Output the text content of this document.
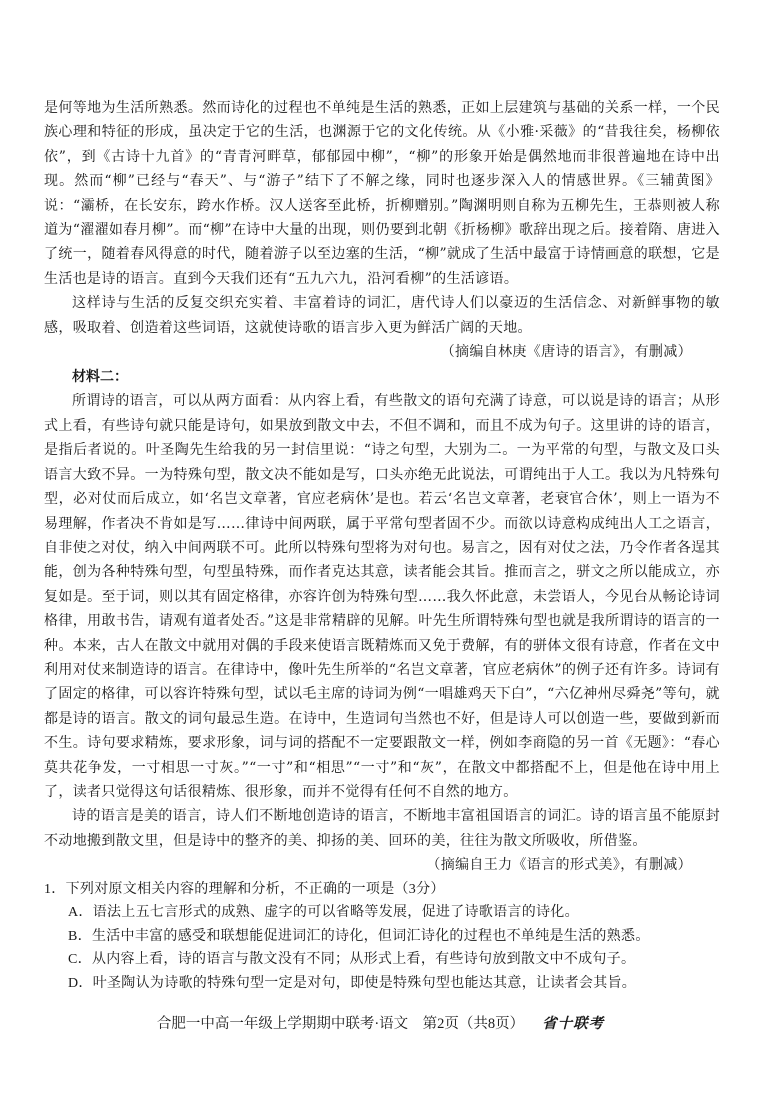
是何等地为生活所熟悉。然而诗化的过程也不单纯是生活的熟悉，正如上层建筑与基础的关系一样，一个民族心理和特征的形成，虽决定于它的生活，也渊源于它的文化传统。从《小雅·采薇》的“昔我往矣，杨柳依依”，到《古诗十九首》的“青青河畔草，郁郁园中柳”，“柳”的形象开始是偶然地而非很普遍地在诗中出现。然而“柳”已经与“春天”、与“游子”结下了不解之缘，同时也逐步深入人的情感世界。《三辅黄图》说：“灞桥，在长安东，跨水作桥。汉人送客至此桥，折柳赠别。”陶渊明则自称为五柳先生，王恭则被人称道为“濯濯如春月柳”。而“柳”在诗中大量的出现，则仍要到北朝《折杨柳》歌辞出现之后。接着隋、唐进入了统一，随着春风得意的时代，随着游子以至边塞的生活，“柳”就成了生活中最富于诗情画意的联想，它是生活也是诗的语言。直到今天我们还有“五九六九，沿河看柳”的生活谚语。

这样诗与生活的反复交织充实着、丰富着诗的词汇，唐代诗人们以豪迈的生活信念、对新鲜事物的敏感，吸取着、创造着这些词语，这就使诗歌的语言步入更为鲜活广阔的天地。

（摘编自林庚《唐诗的语言》，有删减）

材料二：

所谓诗的语言，可以从两方面看：从内容上看，有些散文的语句充满了诗意，可以说是诗的语言；从形式上看，有些诗句就只能是诗句，如果放到散文中去，不但不调和，而且不成为句子。这里讲的诗的语言，是指后者说的。叶圣陶先生给我的另一封信里说：“诗之句型，大别为二。一为平常的句型，与散文及口头语言大致不异。一为特殊句型，散文决不能如是写，口头亦绝无此说法，可谓纯出于人工。我以为凡特殊句型，必对仗而后成立，如‘名岂文章著，官应老病休’是也。若云‘名岂文章著，老衰官合休’，则上一语为不易理解，作者决不肯如是写……律诗中间两联，属于平常句型者固不少。而欲以诗意构成纯出人工之语言，自非使之对仗，纳入中间两联不可。此所以特殊句型将为对句也。易言之，因有对仗之法，乃令作者各逞其能，创为各种特殊句型，句型虽特殊，而作者克达其意，读者能会其旨。推而言之，骈文之所以能成立，亦复如是。至于词，则以其有固定格律，亦容许创为特殊句型……我久怀此意，未尝语人，今见台从畅论诗词格律，用敢书告，请观有道者处否。”这是非常精辟的见解。叶先生所谓特殊句型也就是我所谓诗的语言的一种。本来，古人在散文中就用对偶的手段来使语言既精炼而又免于费解，有的骈体文很有诗意，作者在文中利用对仗来制造诗的语言。在律诗中，像叶先生所举的“名岂文章著，官应老病休”的例子还有许多。诗词有了固定的格律，可以容许特殊句型，试以毛主席的诗词为例“一唱雄鸡天下白”，“六亿神州尽舜尧”等句，就都是诗的语言。散文的词句最忌生造。在诗中，生造词句当然也不好，但是诗人可以创造一些，要做到新而不生。诗句要求精炼，要求形象，词与词的搭配不一定要跟散文一样，例如李商隐的另一首《无题》：“春心莫共花争发，一寸相思一寸灰。”“一寸”和“相思”“一寸”和“灰”，在散文中都搭配不上，但是他在诗中用上了，读者只觉得这句话很精炼、很形象，而并不觉得有任何不自然的地方。

诗的语言是美的语言，诗人们不断地创造诗的语言，不断地丰富祖国语言的词汇。诗的语言虽不能原封不动地搬到散文里，但是诗中的整齐的美、抑扬的美、回环的美，往往为散文所吸收，所借鉴。

（摘编自王力《语言的形式美》，有删减）

1．下列对原文相关内容的理解和分析，不正确的一项是（3分）

A．语法上五七言形式的成熟、虚字的可以省略等发展，促进了诗歌语言的诗化。

B．生活中丰富的感受和联想能促进词汇的诗化，但词汇诗化的过程也不单纯是生活的熟悉。

C．从内容上看，诗的语言与散文没有不同；从形式上看，有些诗句放到散文中不成句子。

D．叶圣陶认为诗歌的特殊句型一定是对句，即使是特殊句型也能达其意，让读者会其旨。

合肥一中高一年级上学期期中联考·语文　第2页（共8页） 省十联考
